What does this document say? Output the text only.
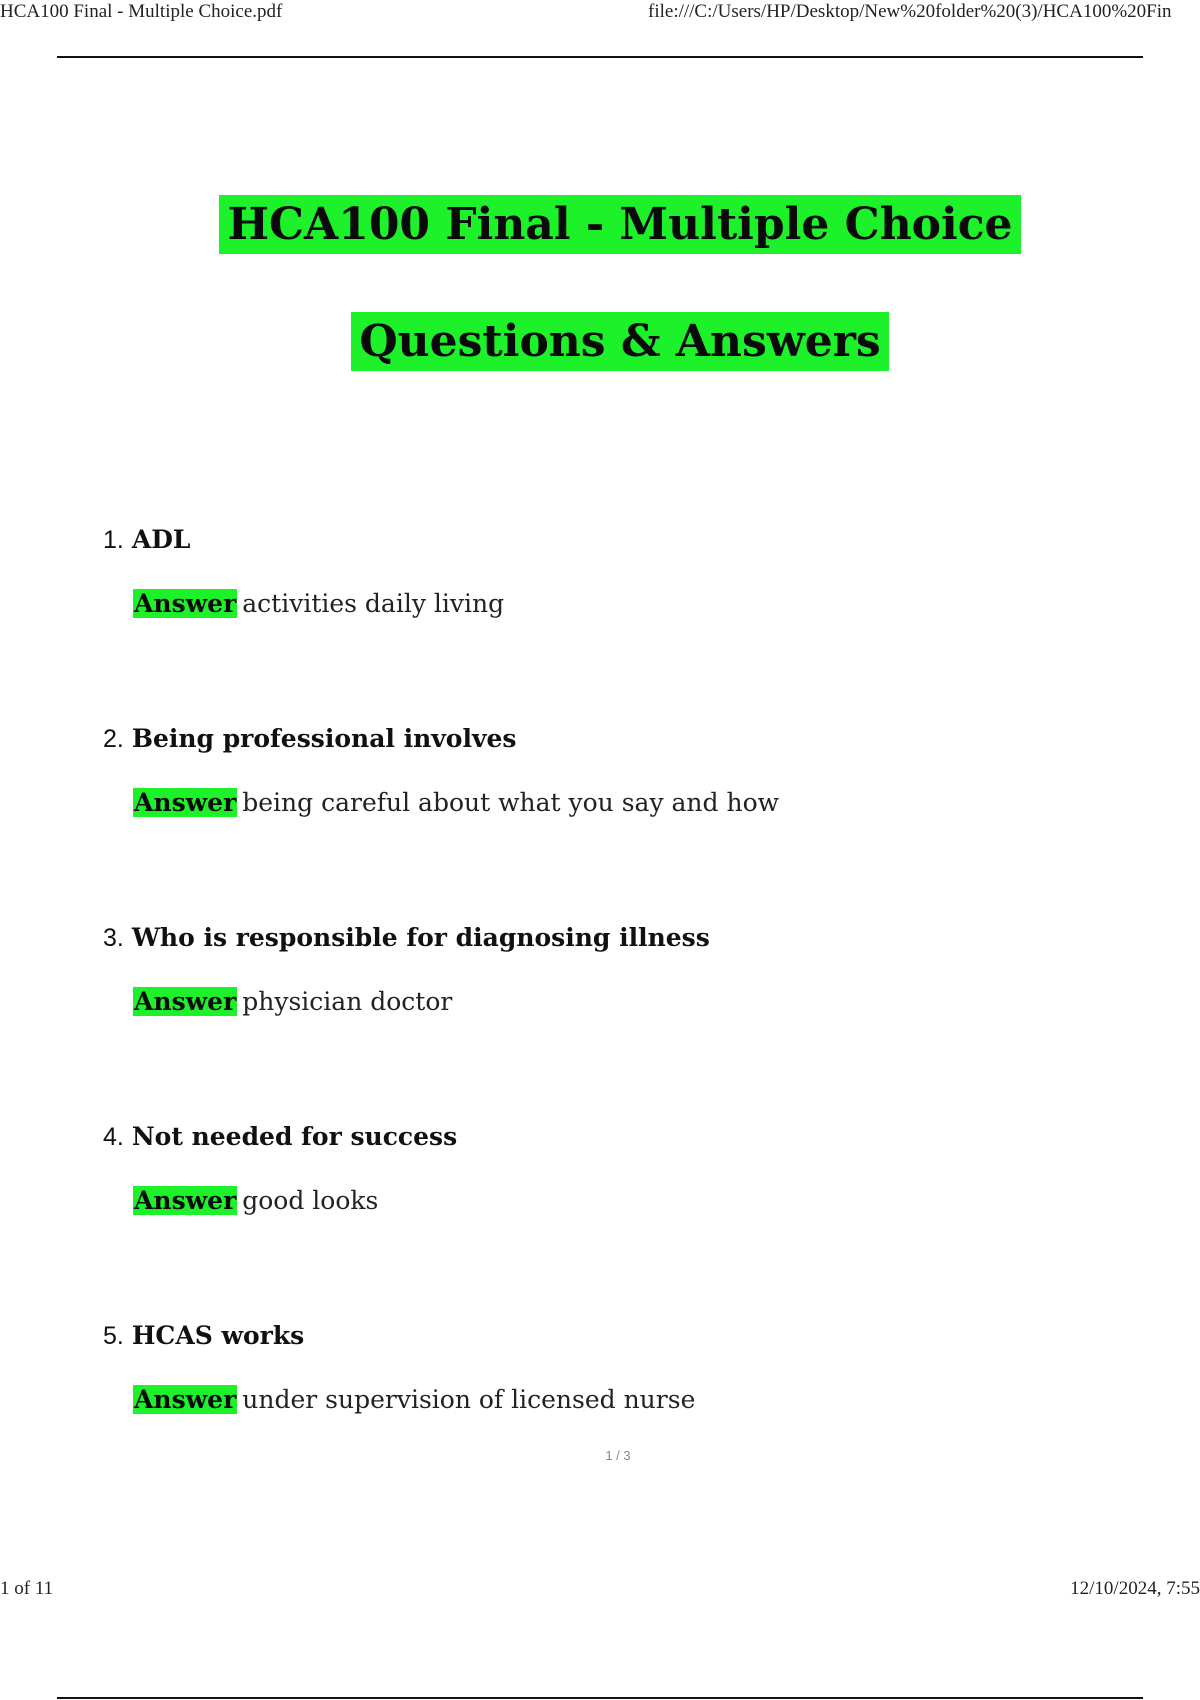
HCA100 Final - Multiple Choice.pdf	file:///C:/Users/HP/Desktop/New%20folder%20(3)/HCA100%20Fin
HCA100 Final - Multiple Choice
Questions & Answers
1. ADL
Answer activities daily living
2. Being professional involves
Answer being careful about what you say and how
3. Who is responsible for diagnosing illness
Answer physician doctor
4. Not needed for success
Answer good looks
5. HCAS works
Answer under supervision of licensed nurse
1 / 3
1 of 11	12/10/2024, 7:55
